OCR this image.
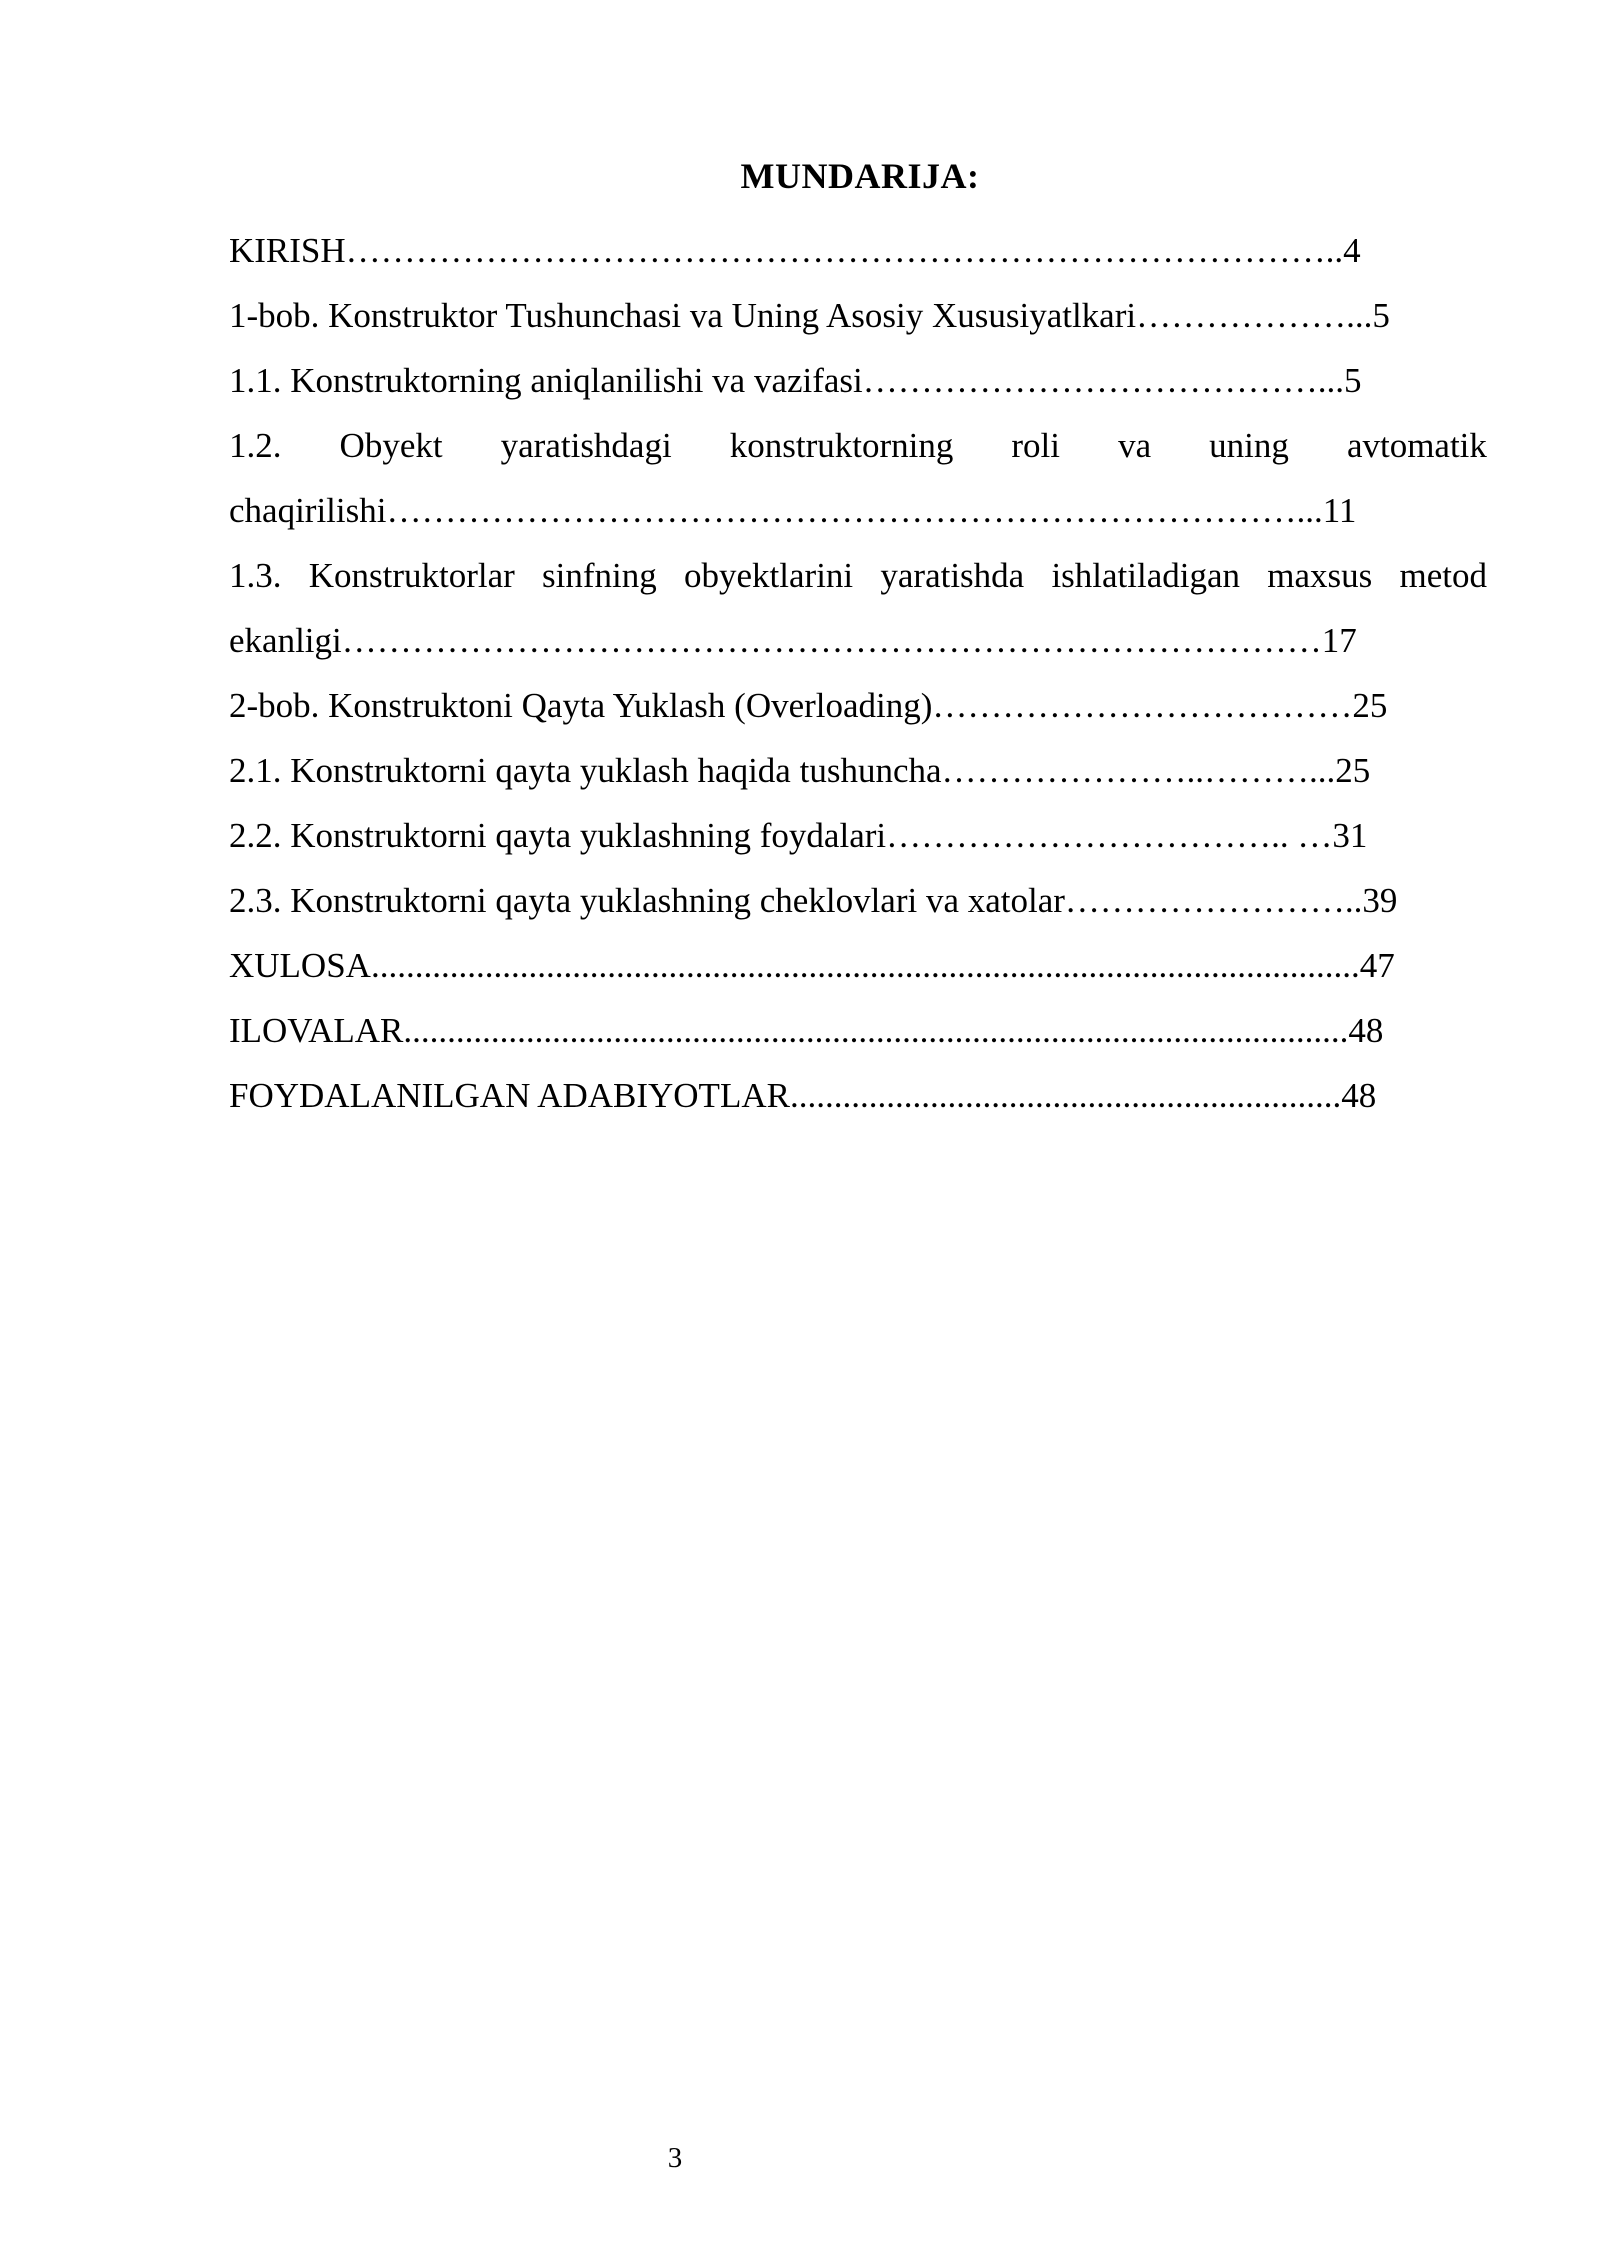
MUNDARIJA:
KIRISH…………………………………………………………………………..4
1-bob. Konstruktor Tushunchasi va Uning Asosiy Xususiyatlkari………………...5
1.1. Konstruktorning aniqlanilishi va vazifasi…………………………………...5
1.2. Obyekt yaratishdagi konstruktorning roli va uning avtomatik
chaqirilishi……………………………………………………………………...11
1.3. Konstruktorlar sinfning obyektlarini yaratishda ishlatiladigan maxsus metod
ekanligi…………………………………………………………………………17
2-bob. Konstruktoni Qayta Yuklash (Overloading)………………………………25
2.1. Konstruktorni qayta yuklash haqida tushuncha…………………..………...25
2.2. Konstruktorni qayta yuklashning foydalari…………………………….. …31
2.3. Konstruktorni qayta yuklashning cheklovlari va xatolar……………………..39
XULOSA.................................................................................................................47
ILOVALAR............................................................................................................48
FOYDALANILGAN ADABIYOTLAR...............................................................48
3
